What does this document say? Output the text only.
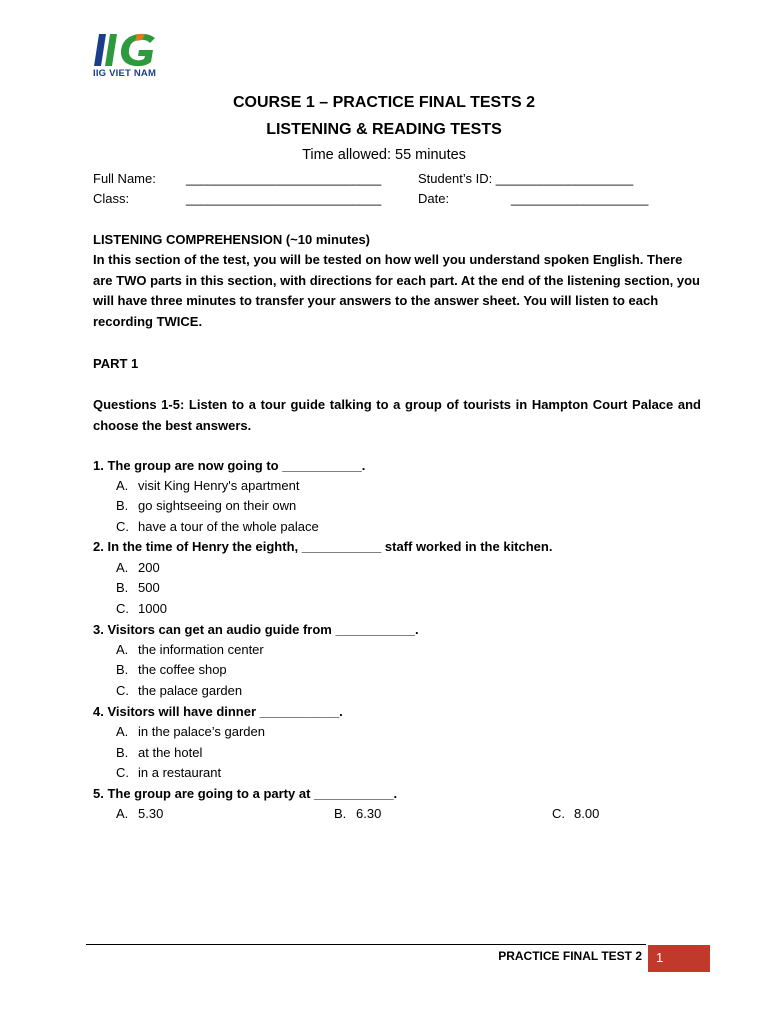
IIG VIET NAM
COURSE 1 – PRACTICE FINAL TESTS 2
LISTENING & READING TESTS
Time allowed: 55 minutes
Full Name: ___________________________	Student’s ID: ___________________
Class:	___________________________	Date:	___________________
LISTENING COMPREHENSION (~10 minutes)
In this section of the test, you will be tested on how well you understand spoken English. There are TWO parts in this section, with directions for each part. At the end of the listening section, you will have three minutes to transfer your answers to the answer sheet. You will listen to each recording TWICE.
PART 1
Questions 1-5: Listen to a tour guide talking to a group of tourists in Hampton Court Palace and choose the best answers.
1. The group are now going to ___________.
A. visit King Henry's apartment
B. go sightseeing on their own
C. have a tour of the whole palace
2. In the time of Henry the eighth, ___________ staff worked in the kitchen.
A. 200
B. 500
C. 1000
3. Visitors can get an audio guide from ___________.
A. the information center
B. the coffee shop
C. the palace garden
4. Visitors will have dinner ___________.
A. in the palace’s garden
B. at the hotel
C. in a restaurant
5. The group are going to a party at ___________.
A. 5.30	B. 6.30	C. 8.00
PRACTICE FINAL TEST 2 1
